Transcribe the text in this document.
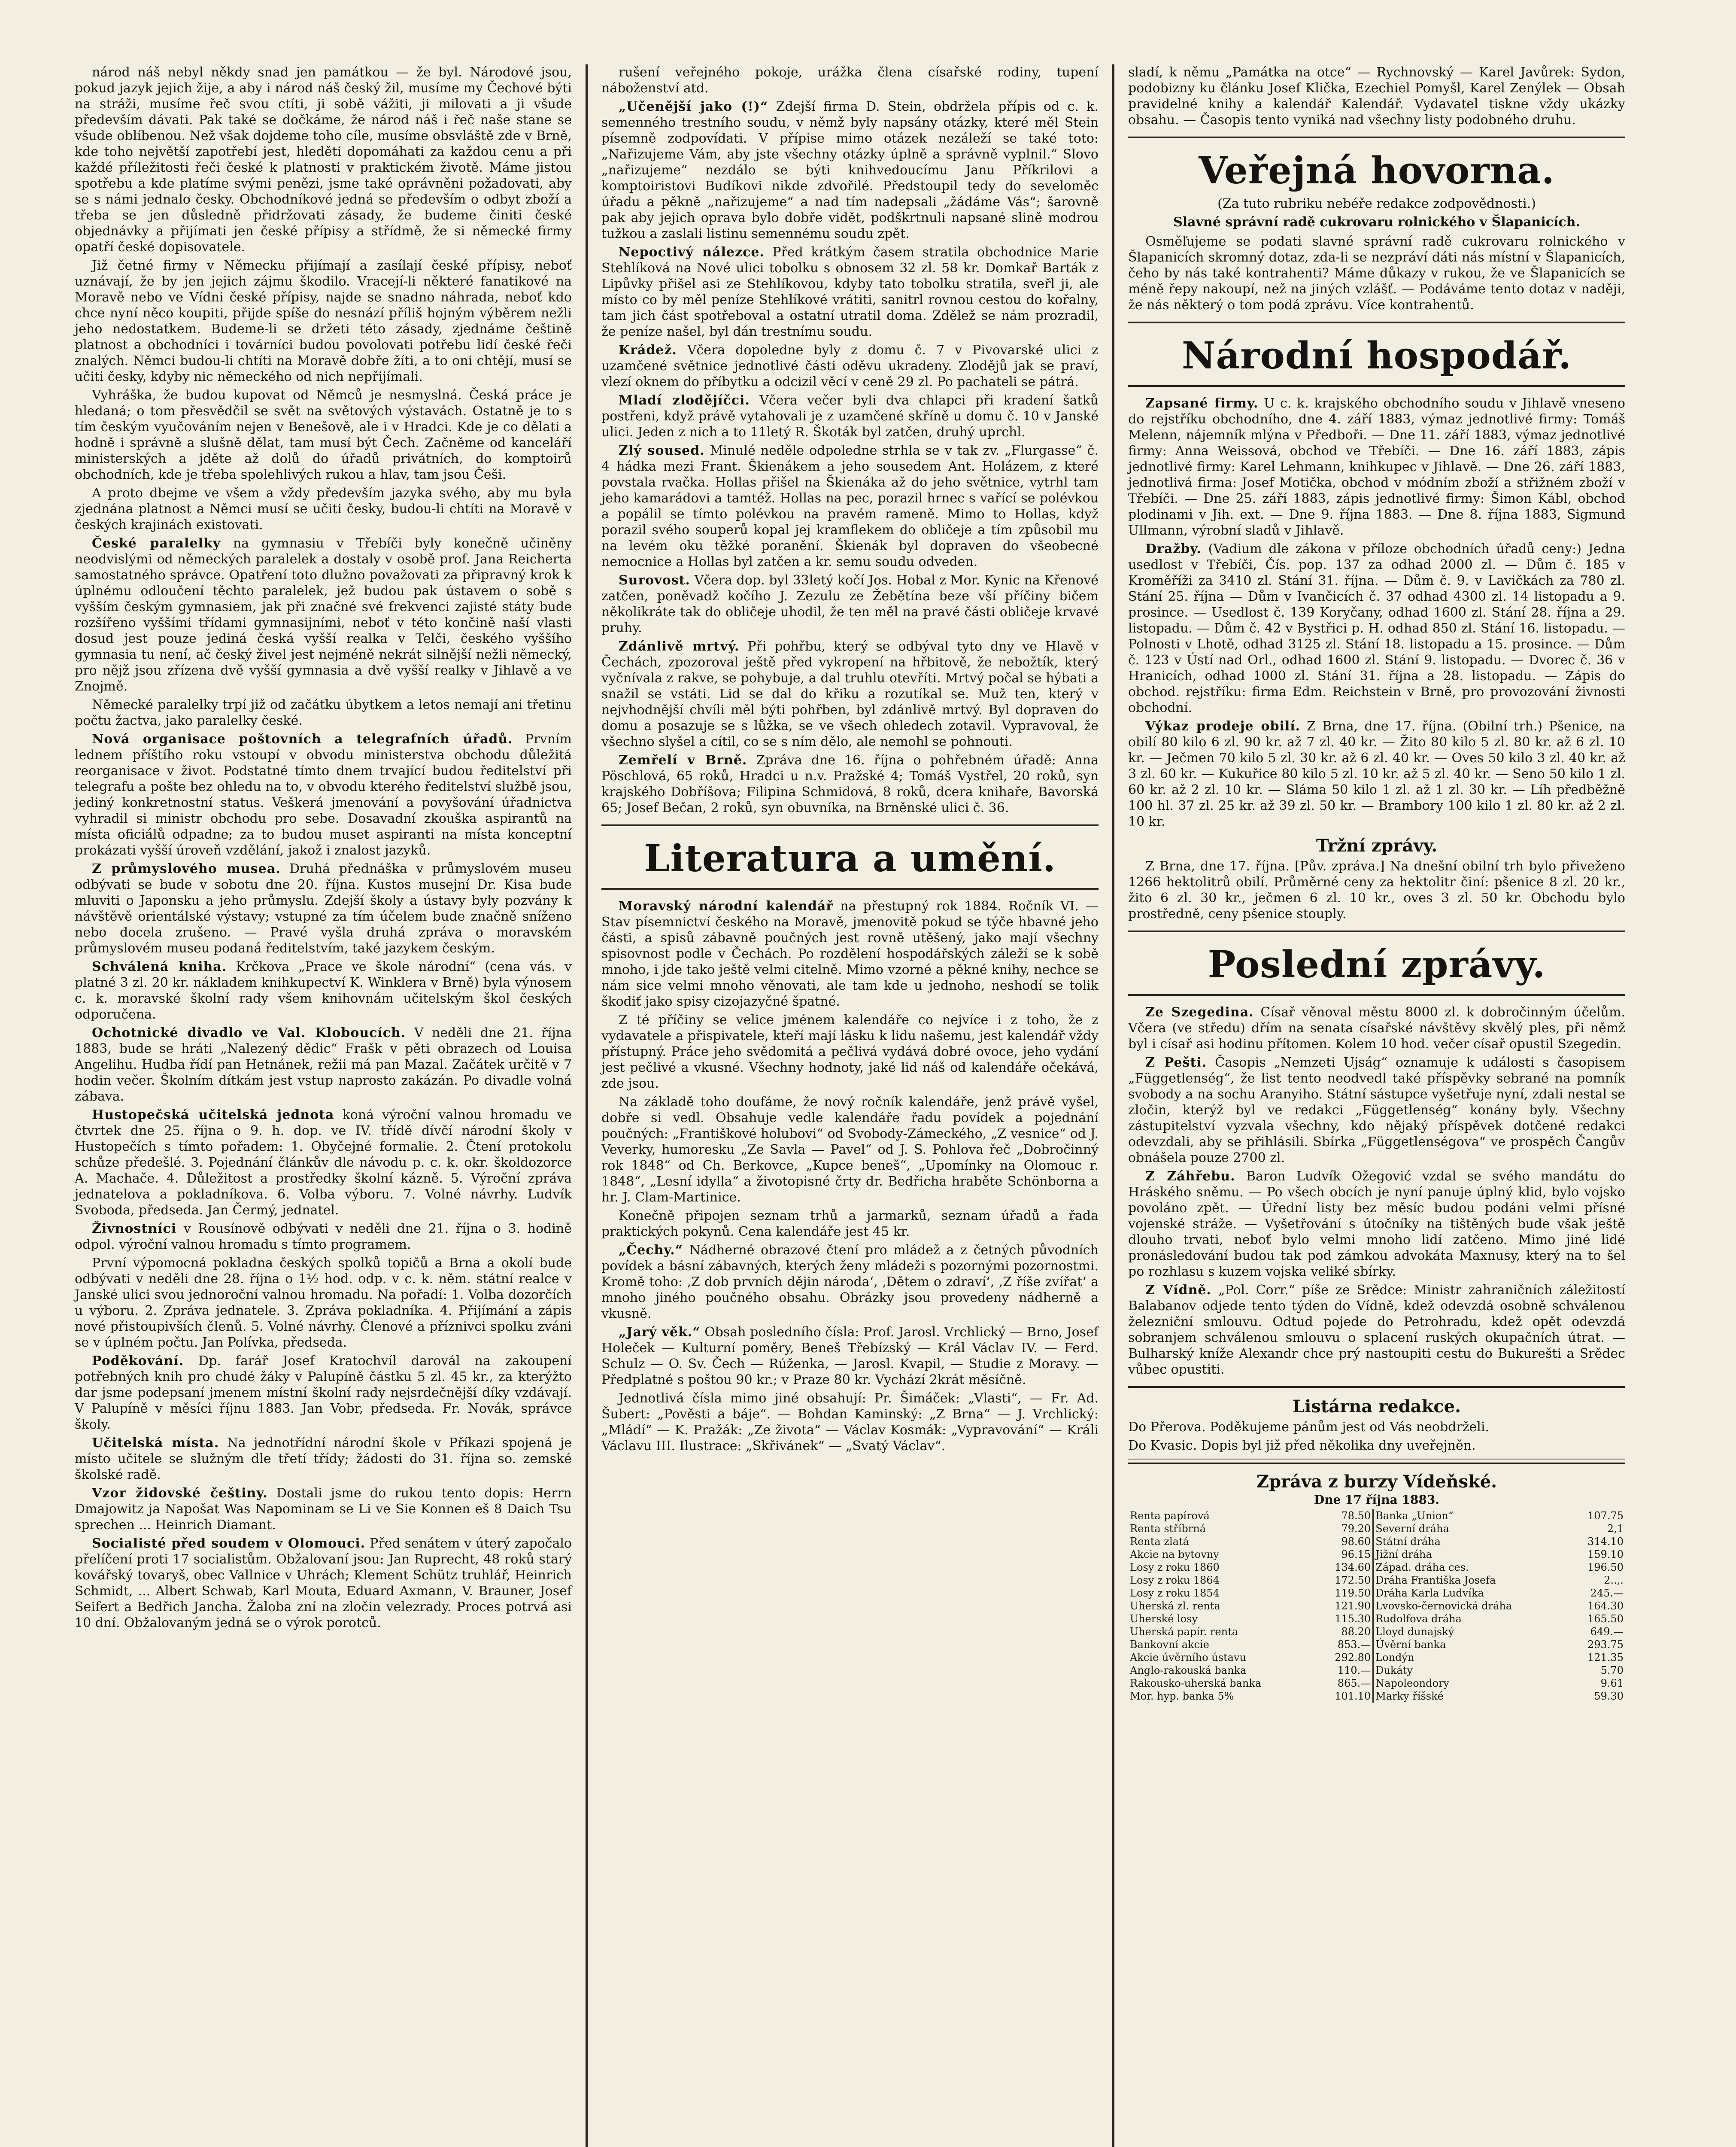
národ náš nebyl někdy snad jen památkou — že byl. Národové jsou, pokud jazyk jejich žije, a aby i národ náš český žil, musíme my Čechové býti na stráži, musíme řeč svou ctíti, ji sobě vážiti, ji milovati a ji všude především dávati. Pak také se dočkáme, že národ náš i řeč naše stane se všude oblíbenou. Než však dojdeme toho cíle, musíme obsvláště zde v Brně, kde toho největší zapotřebí jest, hleděti dopomáhati za každou cenu a při každé příležitosti řeči české k platnosti v praktickém životě. Máme jistou spotřebu a kde platíme svými penězi, jsme také oprávněni požadovati, aby se s námi jednalo česky. Obchodníkové jedná se především o odbyt zboží a třeba se jen důsledně přidržovati zásady, že budeme činiti české objednávky a přijímati jen české přípisy a střídmě, že si německé firmy opatří české dopisovatele.

Již četné firmy v Německu přijímají a zasílají české přípisy, neboť uznávají, že by jen jejich zájmu škodilo. Vracejí-li některé fanatikové na Moravě nebo ve Vídni české přípisy, najde se snadno náhrada, neboť kdo chce nyní něco koupiti, přijde spíše do nesnází příliš hojným výběrem nežli jeho nedostatkem. Budeme-li se držeti této zásady, zjednáme češtině platnost a obchodníci i továrníci budou povolovati potřebu lidí české řeči znalých. Němci budou-li chtíti na Moravě dobře žíti, a to oni chtějí, musí se učiti česky, kdyby nic německého od nich nepřijímali.

Vyhráška, že budou kupovat od Němců je nesmyslná. Česká práce je hledaná; o tom přesvědčil se svět na světových výstavách. Ostatně je to s tím českým vyučováním nejen v Benešově, ale i v Hradci. Kde je co dělati a hodně i správně a slušně dělat, tam musí být Čech. Začněme od kanceláří ministerských a jděte až dolů do úřadů privátních, do komptoirů obchodních, kde je třeba spolehlivých rukou a hlav, tam jsou Češi.

A proto dbejme ve všem a vždy především jazyka svého, aby mu byla zjednána platnost a Němci musí se učiti česky, budou-li chtíti na Moravě v českých krajinách existovati.

České paralelky na gymnasiu v Třebíči byly konečně učiněny neodvislými od německých paralelek a dostaly v osobě prof. Jana Reicherta samostatného správce. Opatření toto dlužno považovati za připravný krok k úplnému odloučení těchto paralelek, jež budou pak ústavem o sobě s vyšším českým gymnasiem, jak při značné své frekvenci zajisté státy bude rozšířeno vyššími třídami gymnasijními, neboť v této končině naší vlasti dosud jest pouze jediná česká vyšší realka v Telči, českého vyššího gymnasia tu není, ač český živel jest nejméně nekrát silnější nežli německý, pro nějž jsou zřízena dvě vyšší gymnasia a dvě vyšší realky v Jihlavě a ve Znojmě.

Německé paralelky trpí již od začátku úbytkem a letos nemají ani třetinu počtu žactva, jako paralelky české.

Nová organisace poštovních a telegrafních úřadů. Prvním lednem příštího roku vstoupí v obvodu ministerstva obchodu důležitá reorganisace v život. Podstatné tímto dnem trvající budou ředitelství při telegrafu a pošte bez ohledu na to, v obvodu kterého ředitelství službě jsou, jediný konkretnostní status. Veškerá jmenování a povyšování úřadnictva vyhradil si ministr obchodu pro sebe. Dosavadní zkouška aspirantů na místa oficiálů odpadne; za to budou muset aspiranti na místa konceptní prokázati vyšší úroveň vzdělání, jakož i znalost jazyků.

Z průmyslového musea. Druhá přednáška v průmyslovém museu odbývati se bude v sobotu dne 20. října. Kustos musejní Dr. Kisa bude mluviti o Japonsku a jeho průmyslu. Zdejší školy a ústavy byly pozvány k návštěvě orientálské výstavy; vstupné za tím účelem bude značně sníženo nebo docela zrušeno. — Pravé vyšla druhá zpráva o moravském průmyslovém museu podaná ředitelstvím, také jazykem českým.

Schválená kniha. Krčkova „Prace ve škole národní“ (cena vás. v platné 3 zl. 20 kr. nákladem knihkupectví K. Winklera v Brně) byla výnosem c. k. moravské školní rady všem knihovnám učitelským škol českých odporučena.

Ochotnické divadlo ve Val. Kloboucích. V neděli dne 21. října 1883, bude se hráti „Nalezený dědic“ Frašk v pěti obrazech od Louisa Angelihu. Hudba řídí pan Hetnánek, režii má pan Mazal. Začátek určitě v 7 hodin večer. Školním dítkám jest vstup naprosto zakázán. Po divadle volná zábava.

Hustopečská učitelská jednota koná výroční valnou hromadu ve čtvrtek dne 25. října o 9. h. dop. ve IV. třídě dívčí národní školy v Hustopečích s tímto pořadem: 1. Obyčejné formalie. 2. Čtení protokolu schůze předešlé. 3. Pojednání článkův dle návodu p. c. k. okr. školdozorce A. Machače. 4. Důležitost a prostředky školní kázně. 5. Výroční zpráva jednatelova a pokladníkova. 6. Volba výboru. 7. Volné návrhy. Ludvík Svoboda, předseda. Jan Čermý, jednatel.

Živnostníci v Rousínově odbývati v neděli dne 21. října o 3. hodině odpol. výroční valnou hromadu s tímto programem.

První výpomocná pokladna českých spolků topičů a Brna a okolí bude odbývati v neděli dne 28. října o 1½ hod. odp. v c. k. něm. státní realce v Janské ulici svou jednoroční valnou hromadu. Na pořadí: 1. Volba dozorčích u výboru. 2. Zpráva jednatele. 3. Zpráva pokladníka. 4. Přijímání a zápis nové přistoupivších členů. 5. Volné návrhy. Členové a příznivci spolku zváni se v úplném počtu. Jan Polívka, předseda.

Poděkování. Dp. farář Josef Kratochvíl darovál na zakoupení potřebných knih pro chudé žáky v Palupíně částku 5 zl. 45 kr., za kterýžto dar jsme podepsaní jmenem místní školní rady nejsrdečnější díky vzdávají. V Palupíně v měsíci říjnu 1883. Jan Vobr, předseda. Fr. Novák, správce školy.

Učitelská místa. Na jednotřídní národní škole v Příkazi spojená je místo učitele se služným dle třetí třídy; žádosti do 31. října so. zemské školské radě.

Vzor židovské češtiny. Dostali jsme do rukou tento dopis: Herrn Dmajowitz ja Napošat Was Napominam se Li ve Sie Konnen eš 8 Daich Tsu sprechen ... Heinrich Diamant.

Socialisté před soudem v Olomouci. Před senátem v úterý započalo přelíčení proti 17 socialistům. Obžalovaní jsou: Jan Ruprecht, 48 roků starý kovářský tovaryš, obec Vallnice v Uhrách; Klement Schütz truhlář, Heinrich Schmidt, ... Albert Schwab, Karl Mouta, Eduard Axmann, V. Brauner, Josef Seifert a Bedřich Jancha. Žaloba zní na zločin velezrady. Proces potrvá asi 10 dní. Obžalovaným jedná se o výrok porotců.

rušení veřejného pokoje, urážka člena císařské rodiny, tupení náboženství atd.

„Učenější jako (!)“ Zdejší firma D. Stein, obdržela přípis od c. k. semenného trestního soudu, v němž byly napsány otázky, které měl Stein písemně zodpovídati. V přípise mimo otázek nezáleží se také toto: „Nařizujeme Vám, aby jste všechny otázky úplně a správně vyplnil.“ Slovo „nařizujeme“ nezdálo se býti knihvedoucímu Janu Příkrilovi a komptoiristovi Budíkovi nikde zdvořilé. Předstoupil tedy do seveloměc úřadu a pěkně „nařizujeme“ a nad tím nadepsali „žádáme Vás“; šarovně pak aby jejich oprava bylo dobře vidět, podškrtnuli napsané slině modrou tužkou a zaslali listinu semennému soudu zpět.

Nepoctivý nálezce. Před krátkým časem stratila obchodnice Marie Stehlíková na Nové ulici tobolku s obnosem 32 zl. 58 kr. Domkař Barták z Lipůvky přišel asi ze Stehlíkovou, kdyby tato tobolku stratila, sveřl ji, ale místo co by měl peníze Stehlíkové vrátiti, sanitrl rovnou cestou do kořalny, tam jich část spotřeboval a ostatní utratil doma. Zdělež se nám prozradil, že peníze našel, byl dán trestnímu soudu.

Krádež. Včera dopoledne byly z domu č. 7 v Pivovarské ulici z uzamčené světnice jednotlivé části oděvu ukradeny. Zlodějů jak se praví, vlezí oknem do příbytku a odcizil věcí v ceně 29 zl. Po pachateli se pátrá.

Mladí zlodějíčci. Včera večer byli dva chlapci při kradení šatků postřeni, když právě vytahovali je z uzamčené skříně u domu č. 10 v Janské ulici. Jeden z nich a to 11letý R. Škoták byl zatčen, druhý uprchl.

Zlý soused. Minulé neděle odpoledne strhla se v tak zv. „Flurgasse“ č. 4 hádka mezi Frant. Škienákem a jeho sousedem Ant. Holázem, z které povstala rvačka. Hollas přišel na Škienáka až do jeho světnice, vytrhl tam jeho kamarádovi a tamtéž. Hollas na pec, porazil hrnec s vařící se polévkou a popálil se tímto polévkou na pravém rameně. Mimo to Hollas, když porazil svého souperů kopal jej kramflekem do obličeje a tím způsobil mu na levém oku těžké poranění. Škienák byl dopraven do všeobecné nemocnice a Hollas byl zatčen a kr. semu soudu odveden.

Surovost. Včera dop. byl 33letý kočí Jos. Hobal z Mor. Kynic na Křenové zatčen, poněvadž kočího J. Zezulu ze Žebětína beze vší příčiny bičem několikráte tak do obličeje uhodil, že ten měl na pravé části obličeje krvavé pruhy.

Zdánlivě mrtvý. Při pohřbu, který se odbýval tyto dny ve Hlavě v Čechách, zpozoroval ještě před vykropení na hřbitově, že nebožtík, který vyčnívala z rakve, se pohybuje, a dal truhlu otevříti. Mrtvý počal se hýbati a snažil se vstáti. Lid se dal do křiku a rozutíkal se. Muž ten, který v nejvhodnější chvíli měl býti pohřben, byl zdánlivě mrtvý. Byl dopraven do domu a posazuje se s lůžka, se ve všech ohledech zotavil. Vypravoval, že všechno slyšel a cítil, co se s ním dělo, ale nemohl se pohnouti.

Zemřelí v Brně. Zpráva dne 16. října o pohřebném úřadě: Anna Pöschlová, 65 roků, Hradci u n.v. Pražské 4; Tomáš Vystřel, 20 roků, syn krajského Dobříšova; Filipina Schmidová, 8 roků, dcera knihaře, Bavorská 65; Josef Bečan, 2 roků, syn obuvníka, na Brněnské ulici č. 36.

Literatura a umění.

Moravský národní kalendář na přestupný rok 1884. Ročník VI. — Stav písemnictví českého na Moravě, jmenovitě pokud se týče hbavné jeho části, a spisů zábavně poučných jest rovně utěšený, jako mají všechny spisovnost podle v Čechách. Po rozdělení hospodářských záleží se k sobě mnoho, i jde tako ještě velmi citelně. Mimo vzorné a pěkné knihy, nechce se nám sice velmi mnoho věnovati, ale tam kde u jednoho, neshodí se tolik škodiť jako spisy cizojazyčné špatné.

Z té příčiny se velice jménem kalendáře co nejvíce i z toho, že z vydavatele a přispivatele, kteří mají lásku k lidu našemu, jest kalendář vždy přístupný. Práce jeho svědomitá a pečlivá vydává dobré ovoce, jeho vydání jest pečlivé a vkusné. Všechny hodnoty, jaké lid náš od kalendáře očekává, zde jsou.

Na základě toho doufáme, že nový ročník kalendáře, jenž právě vyšel, dobře si vedl. Obsahuje vedle kalendáře řadu povídek a pojednání poučných: „Františkové holubovi“ od Svobody-Zámeckého, „Z vesnice“ od J. Veverky, humoresku „Ze Savla — Pavel“ od J. S. Pohlova řeč „Dobročinný rok 1848“ od Ch. Berkovce, „Kupce beneš“, „Upomínky na Olomouc r. 1848“, „Lesní idylla“ a životopisné črty dr. Bedřicha hraběte Schönborna a hr. J. Clam-Martinice.

Konečně připojen seznam trhů a jarmarků, seznam úřadů a řada praktických pokynů. Cena kalendáře jest 45 kr.

„Čechy.“ Nádherné obrazové čtení pro mládež a z četných původních povídek a básní zábavných, kterých ženy mládeži s pozornými pozornostmi. Kromě toho: ‚Z dob prvních dějin národa‘, ‚Dětem o zdraví‘, ‚Z říše zvířat‘ a mnoho jiného poučného obsahu. Obrázky jsou provedeny nádherně a vkusně.

„Jarý věk.“ Obsah posledního čísla: Prof. Jarosl. Vrchlický — Brno, Josef Holeček — Kulturní poměry, Beneš Třebízský — Král Václav IV. — Ferd. Schulz — O. Sv. Čech — Rúženka, — Jarosl. Kvapil, — Studie z Moravy. — Předplatné s poštou 90 kr.; v Praze 80 kr. Vychází 2krát měsíčně.

Jednotlivá čísla mimo jiné obsahují: Pr. Šimáček: „Vlasti“, — Fr. Ad. Šubert: „Pověsti a báje“. — Bohdan Kaminský: „Z Brna“ — J. Vrchlický: „Mládí“ — K. Pražák: „Ze života“ — Václav Kosmák: „Vypravování“ — Králi Václavu III. Ilustrace: „Skřivánek“ — „Svatý Václav“.

sladí, k němu „Památka na otce“ — Rychnovský — Karel Javůrek: Sydon, podobizny ku článku Josef Klička, Ezechiel Pomyšl, Karel Zenýlek — Obsah pravidelné knihy a kalendář Kalendář. Vydavatel tiskne vždy ukázky obsahu. — Časopis tento vyniká nad všechny listy podobného druhu.

Veřejná hovorna.

(Za tuto rubriku nebéře redakce zodpovědnosti.)

Slavné správní radě cukrovaru rolnického v Šlapanicích.

Osměľujeme se podati slavné správní radě cukrovaru rolnického v Šlapanicích skromný dotaz, zda-li se nezpráví dáti nás místní v Šlapanicích, čeho by nás také kontrahenti? Máme důkazy v rukou, že ve Šlapanicích se méně řepy nakoupí, než na jiných vzlášť. — Podáváme tento dotaz v naději, že nás některý o tom podá zprávu. Více kontrahentů.

Národní hospodář.

Zapsané firmy. U c. k. krajského obchodního soudu v Jihlavě vneseno do rejstříku obchodního, dne 4. září 1883, výmaz jednotlivé firmy: Tomáš Melenn, nájemník mlýna v Předboři. — Dne 11. září 1883, výmaz jednotlivé firmy: Anna Weissová, obchod ve Třebíči. — Dne 16. září 1883, zápis jednotlivé firmy: Karel Lehmann, knihkupec v Jihlavě. — Dne 26. září 1883, jednotlivá firma: Josef Motička, obchod v módním zboží a střižném zboží v Třebíči. — Dne 25. září 1883, zápis jednotlivé firmy: Šimon Kábl, obchod plodinami v Jih. ext. — Dne 9. října 1883. — Dne 8. října 1883, Sigmund Ullmann, výrobní sladů v Jihlavě.

Dražby. (Vadium dle zákona v příloze obchodních úřadů ceny:) Jedna usedlost v Třebíči, Čís. pop. 137 za odhad 2000 zl. — Dům č. 185 v Kroměříži za 3410 zl. Stání 31. října. — Dům č. 9. v Lavičkách za 780 zl. Stání 25. října — Dům v Ivančicích č. 37 odhad 4300 zl. 14 listopadu a 9. prosince. — Usedlost č. 139 Koryčany, odhad 1600 zl. Stání 28. října a 29. listopadu. — Dům č. 42 v Bystřici p. H. odhad 850 zl. Stání 16. listopadu. — Polnosti v Lhotě, odhad 3125 zl. Stání 18. listopadu a 15. prosince. — Dům č. 123 v Ústí nad Orl., odhad 1600 zl. Stání 9. listopadu. — Dvorec č. 36 v Hranicích, odhad 1000 zl. Stání 31. října a 28. listopadu. — Zápis do obchod. rejstříku: firma Edm. Reichstein v Brně, pro provozování živnosti obchodní.

Výkaz prodeje obilí. Z Brna, dne 17. října. (Obilní trh.) Pšenice, na obilí 80 kilo 6 zl. 90 kr. až 7 zl. 40 kr. — Žito 80 kilo 5 zl. 80 kr. až 6 zl. 10 kr. — Ječmen 70 kilo 5 zl. 30 kr. až 6 zl. 40 kr. — Oves 50 kilo 3 zl. 40 kr. až 3 zl. 60 kr. — Kukuřice 80 kilo 5 zl. 10 kr. až 5 zl. 40 kr. — Seno 50 kilo 1 zl. 60 kr. až 2 zl. 10 kr. — Sláma 50 kilo 1 zl. až 1 zl. 30 kr. — Líh předběžně 100 hl. 37 zl. 25 kr. až 39 zl. 50 kr. — Brambory 100 kilo 1 zl. 80 kr. až 2 zl. 10 kr.

Tržní zprávy.

Z Brna, dne 17. října. [Pův. zpráva.] Na dnešní obilní trh bylo přiveženo 1266 hektolitrů obilí. Průměrné ceny za hektolitr činí: pšenice 8 zl. 20 kr., žito 6 zl. 30 kr., ječmen 6 zl. 10 kr., oves 3 zl. 50 kr. Obchodu bylo prostředně, ceny pšenice stouply.

Poslední zprávy.

Ze Szegedina. Císař věnoval městu 8000 zl. k dobročinným účelům. Včera (ve středu) dřím na senata císařské návštěvy skvělý ples, při němž byl i císař asi hodinu přítomen. Kolem 10 hod. večer císař opustil Szegedin.

Z Pešti. Časopis „Nemzeti Ujság“ oznamuje k události s časopisem „Függetlenség“, že list tento neodvedl také příspěvky sebrané na pomník svobody a na sochu Aranyiho. Státní sástupce vyšetřuje nyní, zdali nestal se zločin, kterýž byl ve redakci „Függetlenség“ konány byly. Všechny zástupitelství vyzvala všechny, kdo nějaký příspěvek dotčené redakci odevzdali, aby se přihlásili. Sbírka „Függetlenségova“ ve prospěch Čangův obnášela pouze 2700 zl.

Z Záhřebu. Baron Ludvík Ožegović vzdal se svého mandátu do Hráského sněmu. — Po všech obcích je nyní panuje úplný klid, bylo vojsko povoláno zpět. — Úřední listy bez měsíc budou podáni velmi přísné vojenské stráže. — Vyšetřování s útočníky na tištěných bude však ještě dlouho trvati, neboť bylo velmi mnoho lidí zatčeno. Mimo jiné lidé pronásledování budou tak pod zámkou advokáta Maxnusy, který na to šel po rozhlasu s kuzem vojska veliké sbírky.

Z Vídně. „Pol. Corr.“ píše ze Srědce: Ministr zahraničních záležitostí Balabanov odjede tento týden do Vídně, kdež odevzdá osobně schválenou železniční smlouvu. Odtud pojede do Petrohradu, kdež opět odevzdá sobranjem schválenou smlouvu o splacení ruských okupačních útrat. — Bulharský kníže Alexandr chce prý nastoupiti cestu do Bukurešti a Srědec vůbec opustiti.

Listárna redakce.

Do Přerova. Poděkujeme pánům jest od Vás neobdrželi.

Do Kvasic. Dopis byl již před několika dny uveřejněn.

Zpráva z burzy Vídeňské.
Dne 17 října 1883.
Renta papírová	78.50	Banka „Union“	107.75
Renta stříbrná	79.20	Severní dráha	2,1
Renta zlatá	98.60	Státní dráha	314.10
Akcie na bytovny	96.15	Jižní dráha	159.10
Losy z roku 1860	134.60	Západ. dráha ces.	196.50
Losy z roku 1864	172.50	Dráha Františka Josefa	2..,.
Losy z roku 1854	119.50	Dráha Karla Ludvíka	245.—
Uherská zl. renta	121.90	Lvovsko-černovická dráha	164.30
Uherské losy	115.30	Rudolfova dráha	165.50
Uherská papír. renta	88.20	Lloyd dunajský	649.—
Bankovní akcie	853.—	Úvěrní banka	293.75
Akcie úvěrního ústavu	292.80	Londýn	121.35
Anglo-rakouská banka	110.—	Dukáty	5.70
Rakousko-uherská banka	865.—	Napoleondory	9.61
Mor. hyp. banka 5%	101.10	Marky říšské	59.30
